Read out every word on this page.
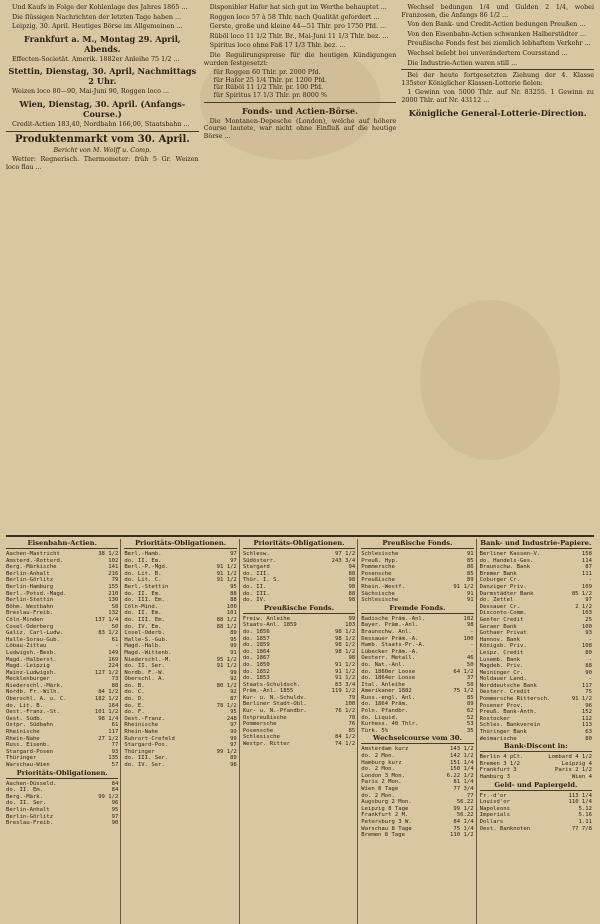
Und Kaufs in Folge der Kohlenlage des Jahres 1865 ...

Die flüssigen Nachrichten der letzten Tage haben ...

Leipzig, 30. April. Heutiges Börse im Allgemeinen ...

Frankfurt a. M., Montag 29. April, Abends.

Effecten-Societät. Amerik. 1882er Anleihe 75 1/2 ...

Stettin, Dienstag, 30. April, Nachmittags 2 Uhr.

Weizen loco 80—90, Mai-Juni 90, Roggen loco ...

Wien, Dienstag, 30. April. (Anfangs-Course.)

Credit-Actien 183,40, Nordbahn 166,00, Staatsbahn ...

Produktenmarkt vom 30. April.
Bericht von M. Wolff u. Comp.

Wetter: Regnerisch. Thermometer: früh 5 Gr. Weizen loco flau ...

Disponibler Hafer hat sich gut im Werthe behauptet ...

Roggen loco 57 à 58 Thlr. nach Qualität gefordert ...

Gerste, große und kleine 44—51 Thlr. pro 1750 Pfd. ...

Rüböl loco 11 1/2 Thlr. Br., Mai-Juni 11 1/3 Thlr. bez. ...

Spiritus loco ohne Faß 17 1/3 Thlr. bez. ...

Die Regulirungspreise für die heutigen Kündigungen wurden festgesetzt:

für Roggen 60 Thlr. pr. 2000 Pfd.
für Hafer 25 1/4 Thlr. pr. 1200 Pfd.
für Rüböl 11 1/2 Thlr. pr. 100 Pfd.
für Spiritus 17 1/3 Thlr. pr. 8000 %
Fonds- und Actien-Börse.

Die Montanen-Depesche (London), welche auf höhere Course lautete, war nicht ohne Einfluß auf die heutige Börse ...

Wechsel bedungen 1/4 und Gulden 2 1/4, wobei Franzosen, die Anfangs 86 1/2 ...

Von den Bank- und Credit-Actien bedungen Preußen ...

Von den Eisenbahn-Actien schwanken Halberstädter ...

Preußische Fonds fest bei ziemlich lebhaftem Verkehr ...

Wechsel belebt bei unverändertem Coursstand ...

Die Industrie-Actien waren still ...

Bei der heute fortgesetzten Ziehung der 4. Klasse 135ster Königlicher Klassen-Lotterie fielen:

1 Gewinn von 5000 Thlr. auf Nr. 83255. 1 Gewinn zu 2000 Thlr. auf Nr. 43112 ...

Königliche General-Lotterie-Direction.
Eisenbahn-Actien.
Aachen-Mastricht	38 1/2
Amsterd.-Rotterd.	102
Berg.-Märkische	141
Berlin-Anhalt	216
Berlin-Görlitz	79
Berlin-Hamburg	155
Berl.-Potsd.-Magd.	210
Berlin-Stettin	130
Böhm. Westbahn	58
Breslau-Freib.	132
Cöln-Minden	137 1/4
Cosel-Oderberg	50
Galiz. Carl-Ludw.	83 1/2
Halle-Sorau-Gub.	61
Löbau-Zittau	-
Ludwigsh.-Bexb.	149
Magd.-Halberst.	169
Magd.-Leipzig	224
Mainz-Ludwigsh.	127 1/2
Mecklenburger	73
Niederschl.-Märk.	88
Nordb. Fr.-Wilh.	84 1/2
Oberschl. A. u. C.	182 1/2
do. Lit. B.	164
Oest.-Franz.-St.	101 1/2
Oest. Südb.	98 1/4
Ostpr. Südbahn	61
Rheinische	117
Rhein-Nahe	27 1/2
Russ. Eisenb.	77
Stargard-Posen	93
Thüringer	135
Warschau-Wien	57
Prioritäts-Obligationen.
Aachen-Düsseld.	84
do. II. Em.	84
Berg.-Märk.	99 1/2
do. II. Ser.	96
Berlin-Anhalt	95
Berlin-Görlitz	97
Breslau-Freib.	90
Prioritäts-Obligationen.
Berl.-Hamb.	97
do. II. Em.	97
Berl.-P.-Mgd.	91 1/2
do. Lit. B.	91 1/2
do. Lit. C.	91 1/2
Berl.-Stettin	95
do. II. Em.	88
do. III. Em.	88
Cöln-Mind.	100
do. II. Em.	101
do. III. Em.	88 1/2
do. IV. Em.	88 1/2
Cosel-Oderb.	89
Halle-S.-Gub.	95
Magd.-Halb.	99
Magd.-Wittenb.	91
Niederschl.-M.	95 1/2
do. II. Ser.	91 1/2
Nordb. F.-W.	99
Oberschl. A.	92
do. B.	80 1/2
do. C.	92
do. D.	87
do. E.	78 1/2
do. F.	95
Oest.-Franz.	248
Rheinische	97
Rhein-Nahe	99
Ruhrort-Crefeld	99
Stargard-Pos.	97
Thüringer	99 1/2
do. III. Ser.	89
do. IV. Ser.	98
Prioritäts-Obligationen.
Schlesw.	97 1/2
Südösterr.	243 3/4
Stargard	94
do. III.	88
Thür. I. S.	98
do. II.	98
do. III.	88
do. IV.	98
Preußische Fonds.
Freiw. Anleihe	99
Staats-Anl. 1859	103
do. 1856	98 1/2
do. 1857	98 1/2
do. 1859	98 1/2
do. 1864	98 1/2
do. 1867	98
do. 1850	91 1/2
do. 1852	91 1/2
do. 1853	91 1/2
Staats-Schuldsch.	83 3/4
Präm.-Anl. 1855	119 1/2
Kur- u. N.-Schuldv.	79
Berliner Stadt-Obl.	100
Kur- u. N.-Pfandbr.	76 1/2
Ostpreußische	78
Pommersche	76
Posensche	85
Schlesische	84 1/2
Westpr. Ritter	74 1/2
Preußische Fonds.
Schlesische	91
Preuß. Hyp.	85
Pommersche	86
Posensche	85
Preußische	89
Rhein.-Westf.	91 1/2
Sächsische	91
Schlesische	91
Fremde Fonds.
Badische Präm.-Anl.	102
Bayer. Präm.-Anl.	98
Braunschw. Anl.	-
Dessauer Präm.-A.	100
Hamb. Staats-Pr.-A.	-
Lübecker Präm.-A.	-
Oesterr. Metall.	46
do. Nat.-Anl.	50
do. 1860er Loose	64 1/2
do. 1864er Loose	37
Ital. Anleihe	50
Amerikaner 1882	75 1/2
Russ.-engl. Anl.	85
do. 1864 Präm.	89
Poln. Pfandbr.	62
do. Liquid.	52
Kurhess. 40 Thlr.	53
Türk. 5%	35
Wechselcourse vom 30.
Amsterdam kurz	143 1/2
do. 2 Mon.	142 1/2
Hamburg kurz	151 1/4
do. 2 Mon.	150 1/4
London 3 Mon.	6.22 1/2
Paris 2 Mon.	81 1/4
Wien 8 Tage	77 3/4
do. 2 Mon.	77
Augsburg 2 Mon.	56.22
Leipzig 8 Tage	99 1/2
Frankfurt 2 M.	56.22
Petersburg 3 W.	84 1/4
Warschau 8 Tage	75 1/4
Bremen 8 Tage	110 1/2
Bank- und Industrie-Papiere.
Berliner Kassen-V.	158
do. Handels-Ges.	114
Braunschw. Bank	87
Bremer Bank	111
Coburger Cr.	-
Danziger Priv.	109
Darmstädter Bank	85 1/2
do. Zettel	97
Dessauer Cr.	2 1/2
Disconto-Comm.	103
Genfer Credit	25
Geraer Bank	100
Gothaer Privat	93
Hannov. Bank	-
Königsb. Priv.	108
Leipz. Credit	80
Luxemb. Bank	-
Magdeb. Priv.	88
Meininger Cr.	90
Moldauer Land.	-
Norddeutsche Bank	117
Oesterr. Credit	75
Pommersche Rittersch.	91 1/2
Posener Prov.	96
Preuß. Bank-Anth.	152
Rostocker	112
Schles. Bankverein	113
Thüringer Bank	63
Weimarische	80
Bank-Discont in:
Berlin 4 pCt.	Lombard 4 1/2
Bremen 3 1/2	Leipzig 4
Frankfurt 3	Paris 2 1/2
Hamburg 3	Wien 4
Geld- und Papiergeld.
Fr.-d'or	113 1/4
Louisd'or	110 1/4
Napoleons	5.12
Imperials	5.16
Dollars	1.11
Oest. Banknoten	77 7/8
